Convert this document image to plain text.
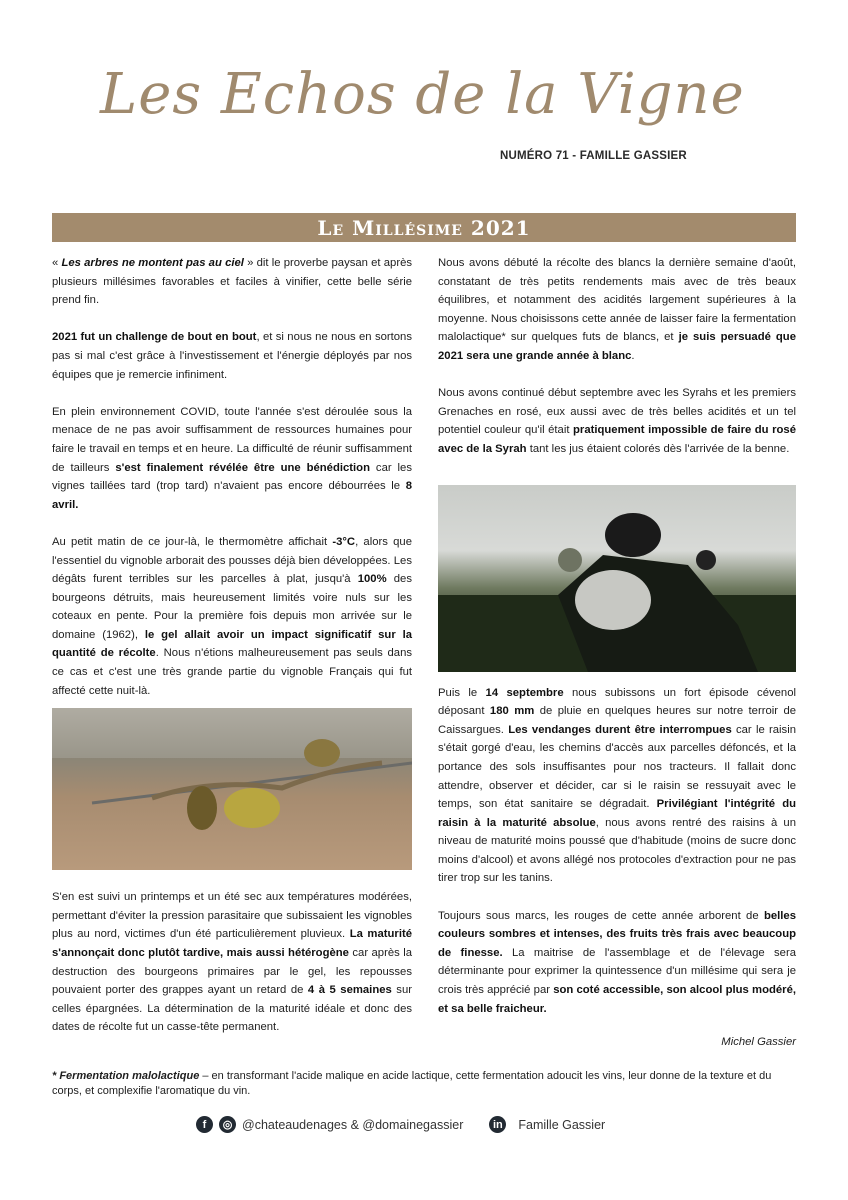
Les Echos de la Vigne
NUMÉRO 71 - FAMILLE GASSIER
Le Millésime 2021

« Les arbres ne montent pas au ciel » dit le proverbe paysan et après plusieurs millésimes favorables et faciles à vinifier, cette belle série prend fin.

2021 fut un challenge de bout en bout, et si nous ne nous en sortons pas si mal c'est grâce à l'investissement et l'énergie déployés par nos équipes que je remercie infiniment.

En plein environnement COVID, toute l'année s'est déroulée sous la menace de ne pas avoir suffisamment de ressources humaines pour faire le travail en temps et en heure. La difficulté de réunir suffisamment de tailleurs s'est finalement révélée être une bénédiction car les vignes taillées tard (trop tard) n'avaient pas encore débourrées le 8 avril.

Au petit matin de ce jour-là, le thermomètre affichait -3°C, alors que l'essentiel du vignoble arborait des pousses déjà bien développées. Les dégâts furent terribles sur les parcelles à plat, jusqu'à 100% des bourgeons détruits, mais heureusement limités voire nuls sur les coteaux en pente. Pour la première fois depuis mon arrivée sur le domaine (1962), le gel allait avoir un impact significatif sur la quantité de récolte. Nous n'étions malheureusement pas seuls dans ce cas et c'est une très grande partie du vignoble Français qui fut affecté cette nuit-là.

S'en est suivi un printemps et un été sec aux températures modérées, permettant d'éviter la pression parasitaire que subissaient les vignobles plus au nord, victimes d'un été particulièrement pluvieux. La maturité s'annonçait donc plutôt tardive, mais aussi hétérogène car après la destruction des bourgeons primaires par le gel, les repousses pouvaient porter des grappes ayant un retard de 4 à 5 semaines sur celles épargnées. La détermination de la maturité idéale et donc des dates de récolte fut un casse-tête permanent.

Nous avons débuté la récolte des blancs la dernière semaine d'août, constatant de très petits rendements mais avec de très beaux équilibres, et notamment des acidités largement supérieures à la moyenne. Nous choisissons cette année de laisser faire la fermentation malolactique* sur quelques futs de blancs, et je suis persuadé que 2021 sera une grande année à blanc.

Nous avons continué début septembre avec les Syrahs et les premiers Grenaches en rosé, eux aussi avec de très belles acidités et un tel potentiel couleur qu'il était pratiquement impossible de faire du rosé avec de la Syrah tant les jus étaient colorés dès l'arrivée de la benne.

Puis le 14 septembre nous subissons un fort épisode cévenol déposant 180 mm de pluie en quelques heures sur notre terroir de Caissargues. Les vendanges durent être interrompues car le raisin s'était gorgé d'eau, les chemins d'accès aux parcelles défoncés, et la portance des sols insuffisantes pour nos tracteurs. Il fallait donc attendre, observer et décider, car si le raisin se ressuyait avec le temps, son état sanitaire se dégradait. Privilégiant l'intégrité du raisin à la maturité absolue, nous avons rentré des raisins à un niveau de maturité moins poussé que d'habitude (moins de sucre donc moins d'alcool) et avons allégé nos protocoles d'extraction pour ne pas tirer trop sur les tanins.

Toujours sous marcs, les rouges de cette année arborent de belles couleurs sombres et intenses, des fruits très frais avec beaucoup de finesse. La maitrise de l'assemblage et de l'élevage sera déterminante pour exprimer la quintessence d'un millésime qui sera je crois très apprécié par son coté accessible, son alcool plus modéré, et sa belle fraicheur.

Michel Gassier
* Fermentation malolactique – en transformant l'acide malique en acide lactique, cette fermentation adoucit les vins, leur donne de la texture et du corps, et complexifie l'aromatique du vin.
f	◎ @chateaudenages & @domainegassier	in Famille Gassier
